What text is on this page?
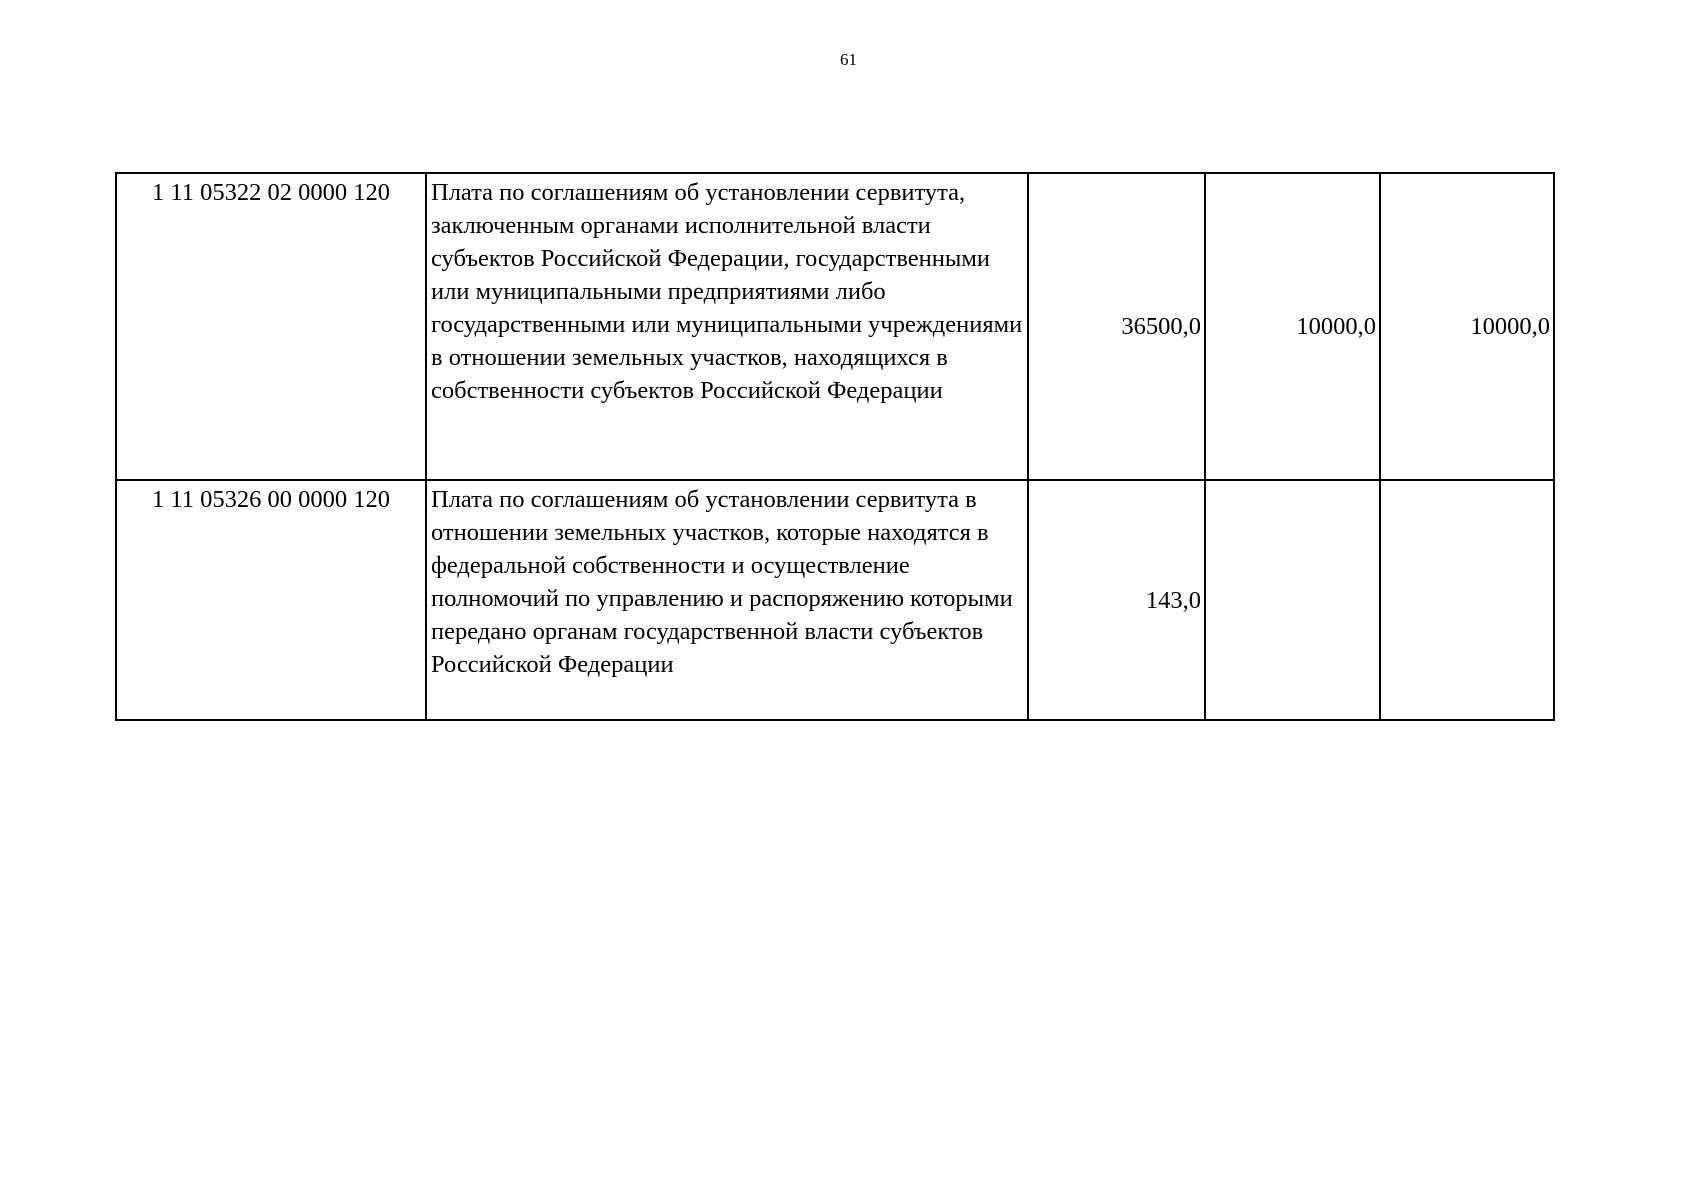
61
1 11 05322 02 0000 120	Плата по соглашениям об установлении сервитута, заключенным органами исполнительной власти субъектов Российской Федерации, государственными или муниципальными предприятиями либо государственными или муниципальными учреждениями в отношении земельных участков, находящихся в собственности субъектов Российской Федерации	36500,0	10000,0	10000,0
1 11 05326 00 0000 120	Плата по соглашениям об установлении сервитута в отношении земельных участков, которые находятся в федеральной собственности и осуществление полномочий по управлению и распоряжению которыми передано органам государственной власти субъектов Российской Федерации	143,0		
